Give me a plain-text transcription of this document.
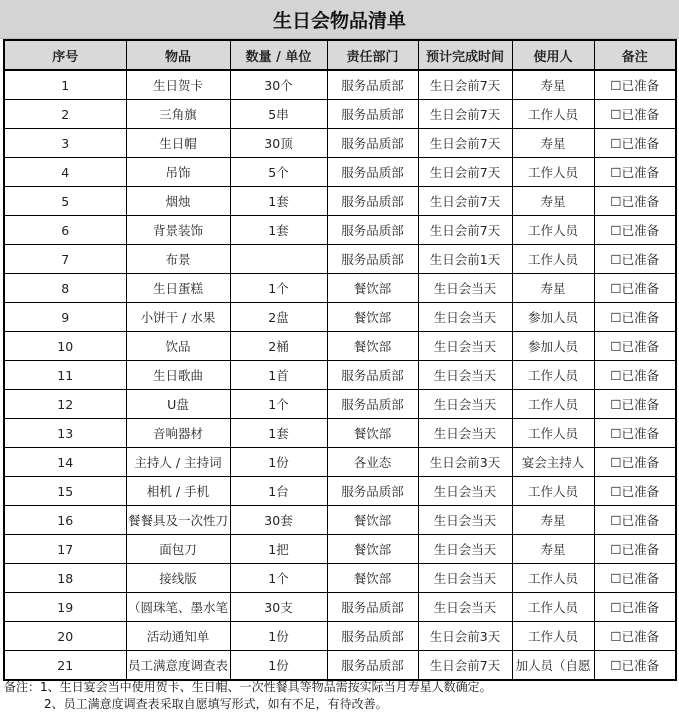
生日会物品清单
序号	物品	数量 / 单位	责任部门	预计完成时间	使用人	备注
1	生日贺卡	30个	服务品质部	生日会前7天	寿星	☐已准备
2	三角旗	5串	服务品质部	生日会前7天	工作人员	☐已准备
3	生日帽	30顶	服务品质部	生日会前7天	寿星	☐已准备
4	吊饰	5个	服务品质部	生日会前7天	工作人员	☐已准备
5	烟烛	1套	服务品质部	生日会前7天	寿星	☐已准备
6	背景装饰	1套	服务品质部	生日会前7天	工作人员	☐已准备
7	布景		服务品质部	生日会前1天	工作人员	☐已准备
8	生日蛋糕	1个	餐饮部	生日会当天	寿星	☐已准备
9	小饼干 / 水果	2盘	餐饮部	生日会当天	参加人员	☐已准备
10	饮品	2桶	餐饮部	生日会当天	参加人员	☐已准备
11	生日歌曲	1首	服务品质部	生日会当天	工作人员	☐已准备
12	U盘	1个	服务品质部	生日会当天	工作人员	☐已准备
13	音响器材	1套	餐饮部	生日会当天	工作人员	☐已准备
14	主持人 / 主持词	1份	各业态	生日会前3天	宴会主持人	☐已准备
15	相机 / 手机	1台	服务品质部	生日会当天	工作人员	☐已准备
16	餐餐具及一次性刀	30套	餐饮部	生日会当天	寿星	☐已准备
17	面包刀	1把	餐饮部	生日会当天	寿星	☐已准备
18	接线版	1个	餐饮部	生日会当天	工作人员	☐已准备
19	（圆珠笔、墨水笔	30支	服务品质部	生日会当天	工作人员	☐已准备
20	活动通知单	1份	服务品质部	生日会前3天	工作人员	☐已准备
21	员工满意度调查表	1份	服务品质部	生日会前7天	加人员（自愿	☐已准备
备注：1、生日宴会当中使用贺卡、生日帽、一次性餐具等物品需按实际当月寿星人数确定。
2、员工满意度调查表采取自愿填写形式，如有不足，有待改善。
